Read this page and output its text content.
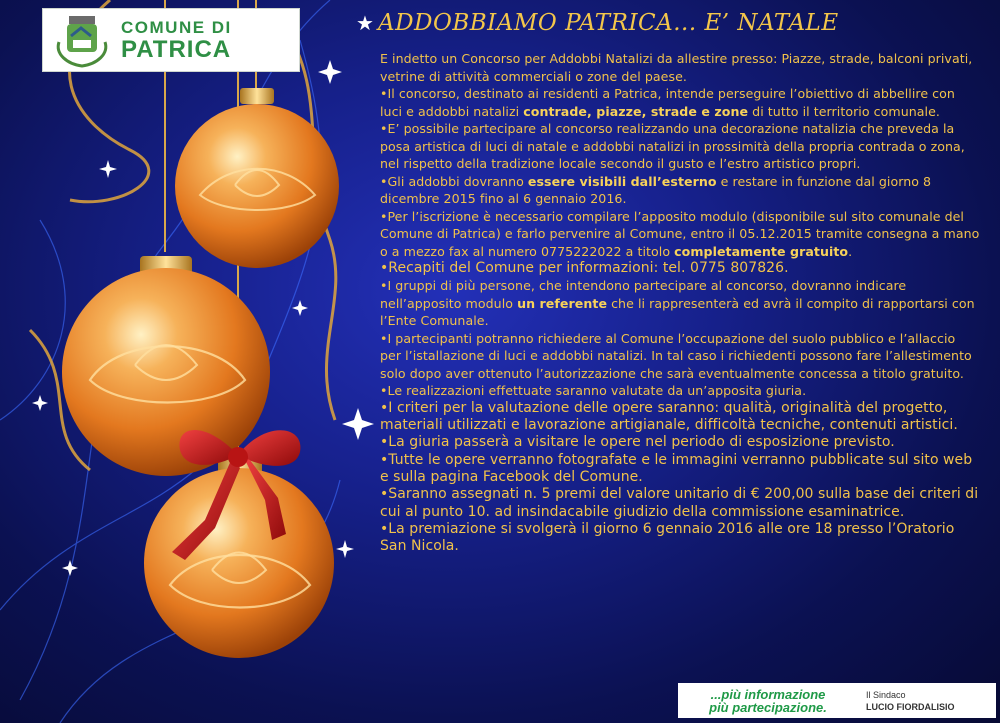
COMUNE DI
PATRICA
★ ADDOBBIAMO PATRICA... E’ NATALE

E indetto un Concorso per Addobbi Natalizi da allestire presso: Piazze, strade, balconi privati, vetrine di attività commerciali o zone del paese.

•Il concorso, destinato ai residenti a Patrica, intende perseguire l’obiettivo di abbellire con luci e addobbi natalizi contrade, piazze, strade e zone di tutto il territorio comunale.

•E’ possibile partecipare al concorso realizzando una decorazione natalizia che preveda la posa artistica di luci di natale e addobbi natalizi in prossimità della propria contrada o zona, nel rispetto della tradizione locale secondo il gusto e l’estro artistico propri.

•Gli addobbi dovranno essere visibili dall’esterno e restare in funzione dal giorno 8 dicembre 2015 fino al 6 gennaio 2016.

•Per l’iscrizione è necessario compilare l’apposito modulo (disponibile sul sito comunale del Comune di Patrica) e farlo pervenire al Comune, entro il 05.12.2015 tramite consegna a mano o a mezzo fax al numero 0775222022 a titolo completamente gratuito.

•Recapiti del Comune per informazioni: tel. 0775 807826.

•I gruppi di più persone, che intendono partecipare al concorso, dovranno indicare nell’apposito modulo un referente che li rappresenterà ed avrà il compito di rapportarsi con l’Ente Comunale.

•I partecipanti potranno richiedere al Comune l’occupazione del suolo pubblico e l’allaccio per l’istallazione di luci e addobbi natalizi. In tal caso i richiedenti possono fare l’allestimento solo dopo aver ottenuto l’autorizzazione che sarà eventualmente concessa a titolo gratuito.

•Le realizzazioni effettuate saranno valutate da un’apposita giuria.

•I criteri per la valutazione delle opere saranno: qualità, originalità del progetto, materiali utilizzati e lavorazione artigianale, difficoltà tecniche, contenuti artistici.

•La giuria passerà a visitare le opere nel periodo di esposizione previsto.

•Tutte le opere verranno fotografate e le immagini verranno pubblicate sul sito web e sulla pagina Facebook del Comune.

•Saranno assegnati n. 5 premi del valore unitario di € 200,00 sulla base dei criteri di cui al punto 10. ad insindacabile giudizio della commissione esaminatrice.

•La premiazione si svolgerà il giorno 6 gennaio 2016 alle ore 18 presso l’Oratorio San Nicola.

...più informazione
più partecipazione.
Il Sindaco
LUCIO FIORDALISIO
